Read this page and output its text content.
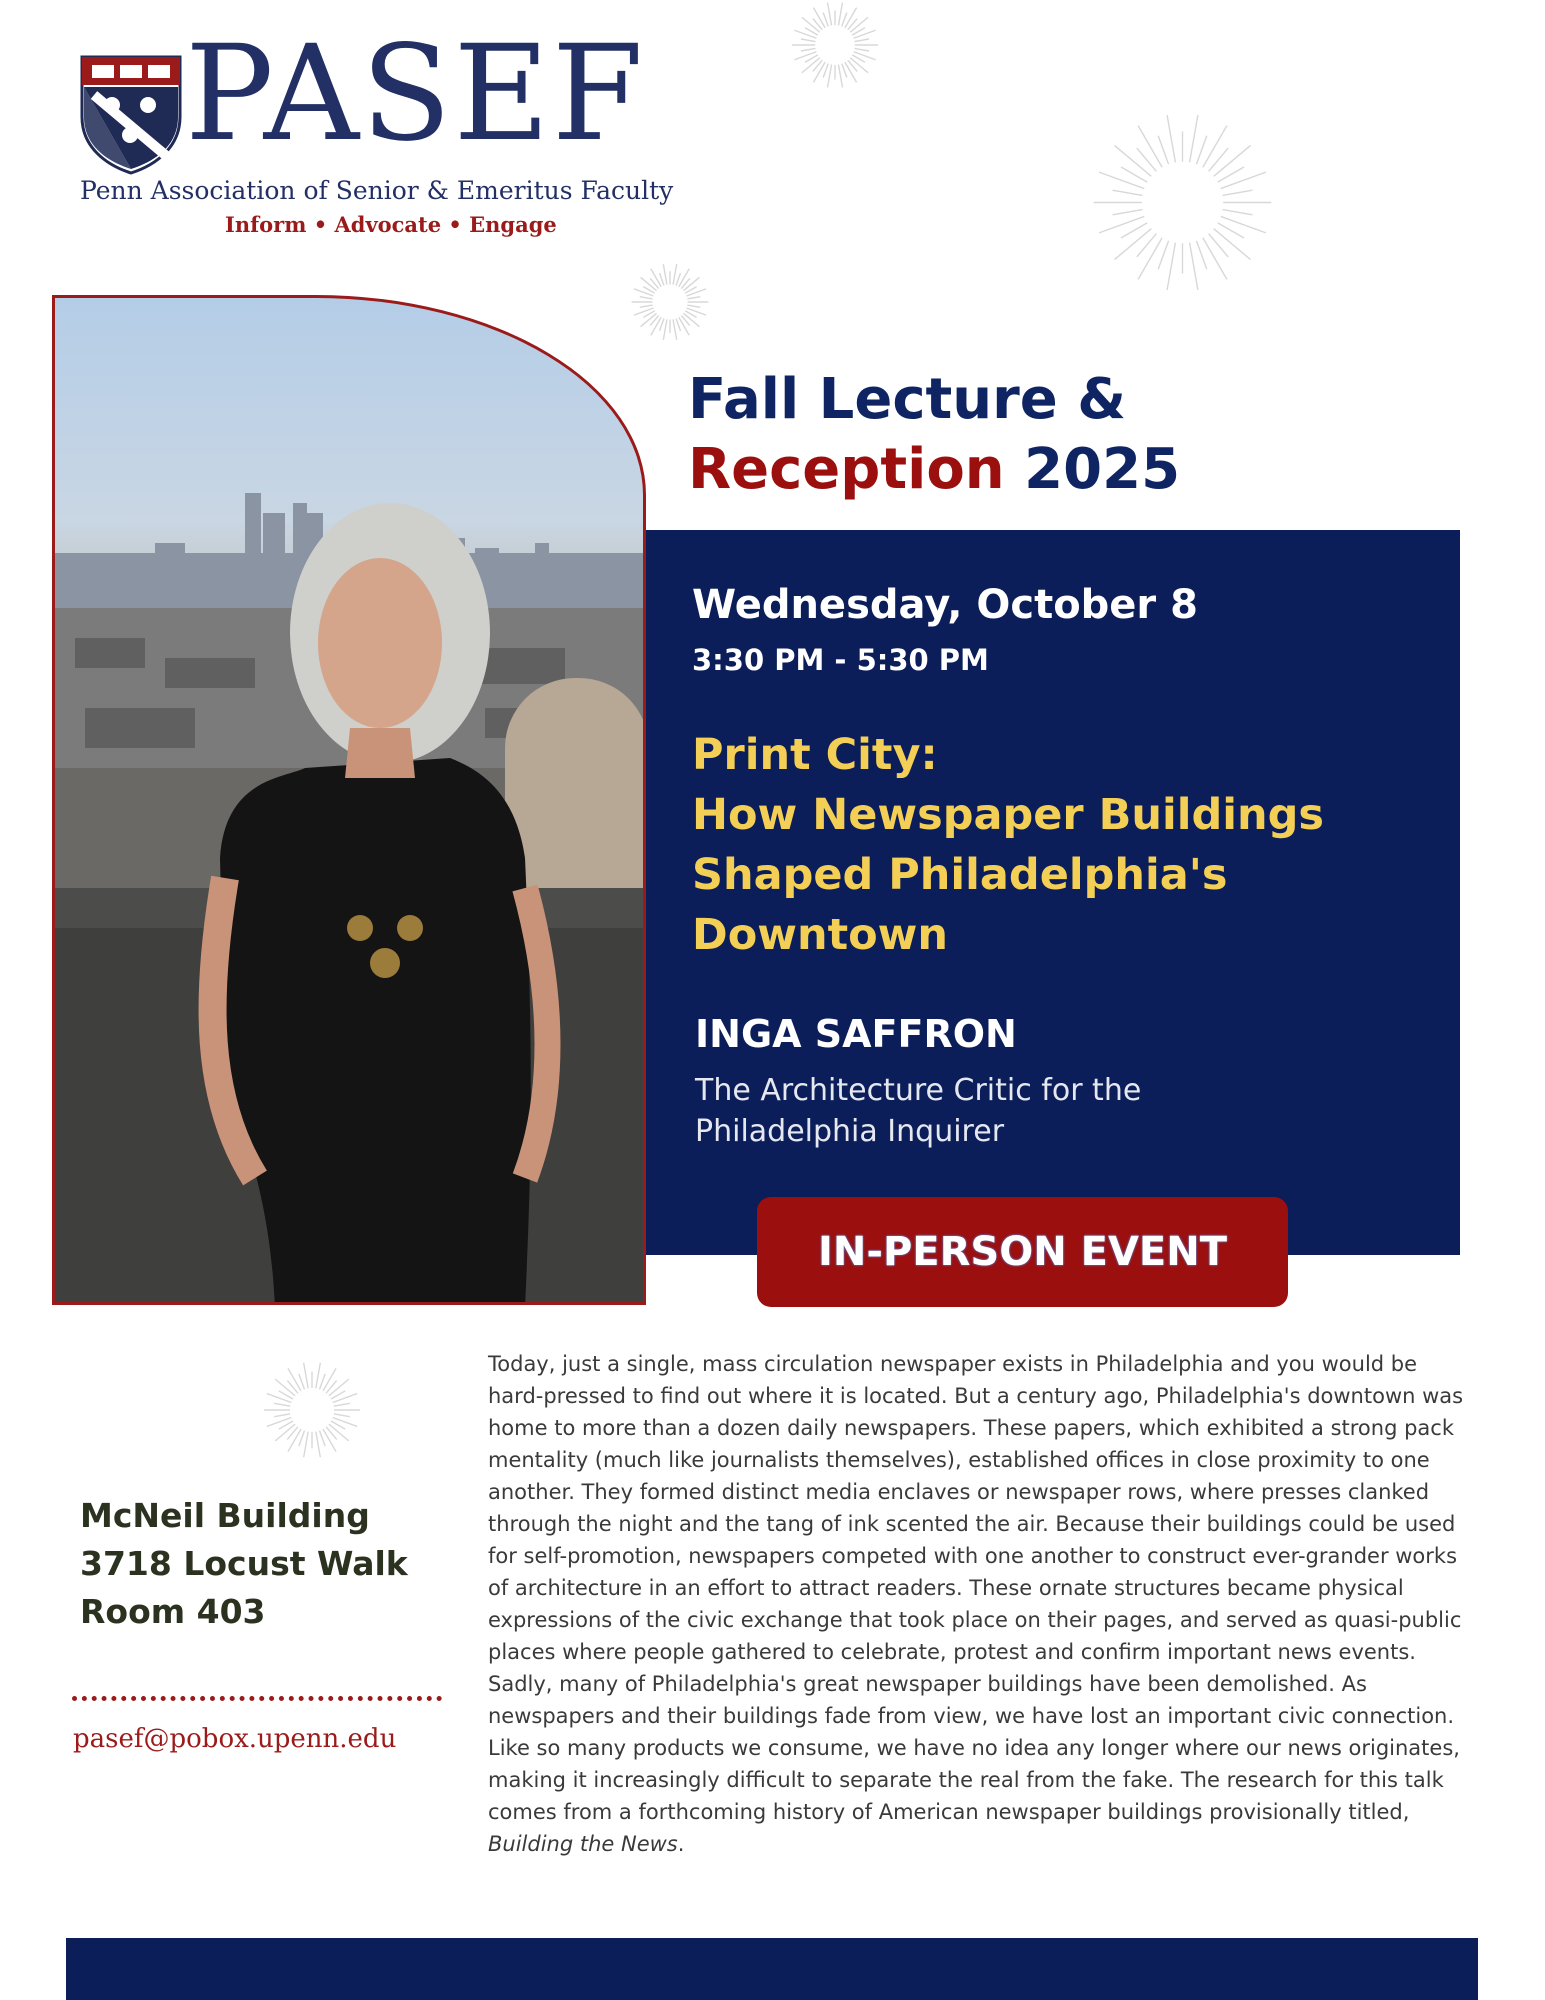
PASEF
Penn Association of Senior & Emeritus Faculty
Inform • Advocate • Engage
Fall Lecture &
Reception 2025
Wednesday, October 8
3:30 PM - 5:30 PM
Print City:
How Newspaper Buildings
Shaped Philadelphia's
Downtown
INGA SAFFRON
The Architecture Critic for the
Philadelphia Inquirer
IN-PERSON EVENT
McNeil Building
3718 Locust Walk
Room 403
pasef@pobox.upenn.edu
Today, just a single, mass circulation newspaper exists in Philadelphia and you would be hard-pressed to find out where it is located. But a century ago, Philadelphia's downtown was home to more than a dozen daily newspapers. These papers, which exhibited a strong pack mentality (much like journalists themselves), established offices in close proximity to one another. They formed distinct media enclaves or newspaper rows, where presses clanked through the night and the tang of ink scented the air. Because their buildings could be used for self-promotion, newspapers competed with one another to construct ever-grander works of architecture in an effort to attract readers. These ornate structures became physical expressions of the civic exchange that took place on their pages, and served as quasi-public places where people gathered to celebrate, protest and confirm important news events. Sadly, many of Philadelphia's great newspaper buildings have been demolished. As newspapers and their buildings fade from view, we have lost an important civic connection. Like so many products we consume, we have no idea any longer where our news originates, making it increasingly difficult to separate the real from the fake. The research for this talk comes from a forthcoming history of American newspaper buildings provisionally titled, Building the News.
